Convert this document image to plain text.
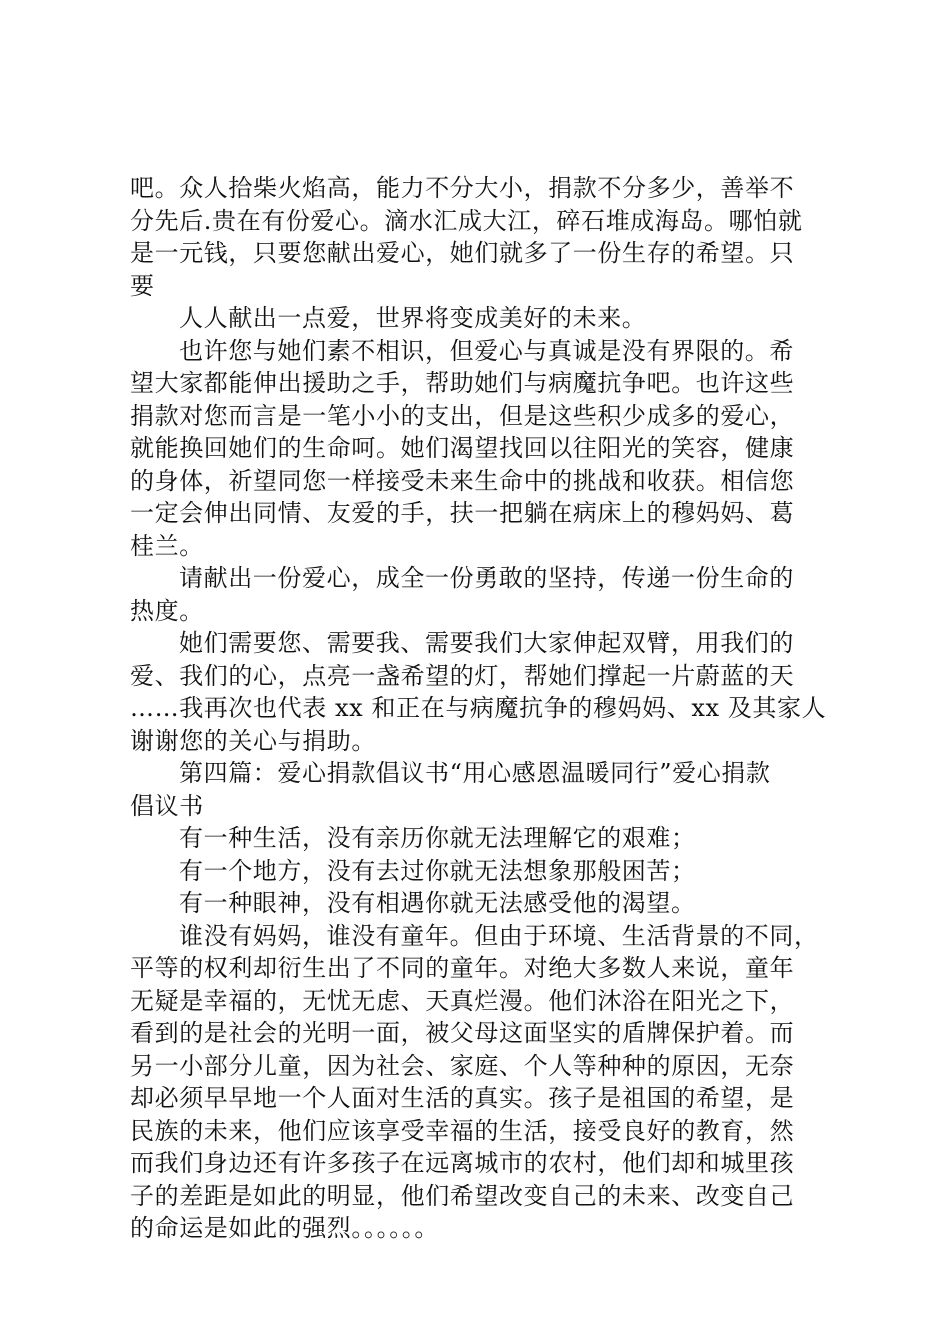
吧。众人拾柴火焰高，能力不分大小，捐款不分多少，善举不
分先后.贵在有份爱心。滴水汇成大江，碎石堆成海岛。哪怕就
是一元钱，只要您献出爱心，她们就多了一份生存的希望。只
要
人人献出一点爱，世界将变成美好的未来。
也许您与她们素不相识，但爱心与真诚是没有界限的。希
望大家都能伸出援助之手，帮助她们与病魔抗争吧。也许这些
捐款对您而言是一笔小小的支出，但是这些积少成多的爱心，
就能换回她们的生命呵。她们渴望找回以往阳光的笑容，健康
的身体，祈望同您一样接受未来生命中的挑战和收获。相信您
一定会伸出同情、友爱的手，扶一把躺在病床上的穆妈妈、葛
桂兰。
请献出一份爱心，成全一份勇敢的坚持，传递一份生命的
热度。
她们需要您、需要我、需要我们大家伸起双臂，用我们的
爱、我们的心，点亮一盏希望的灯，帮她们撑起一片蔚蓝的天
……我再次也代表 xx 和正在与病魔抗争的穆妈妈、xx 及其家人
谢谢您的关心与捐助。
第四篇：爱心捐款倡议书“用心感恩温暖同行”爱心捐款
倡议书
有一种生活，没有亲历你就无法理解它的艰难；
有一个地方，没有去过你就无法想象那般困苦；
有一种眼神，没有相遇你就无法感受他的渴望。
谁没有妈妈，谁没有童年。但由于环境、生活背景的不同，
平等的权利却衍生出了不同的童年。对绝大多数人来说，童年
无疑是幸福的，无忧无虑、天真烂漫。他们沐浴在阳光之下，
看到的是社会的光明一面，被父母这面坚实的盾牌保护着。而
另一小部分儿童，因为社会、家庭、个人等种种的原因，无奈
却必须早早地一个人面对生活的真实。孩子是祖国的希望，是
民族的未来，他们应该享受幸福的生活，接受良好的教育，然
而我们身边还有许多孩子在远离城市的农村，他们却和城里孩
子的差距是如此的明显，他们希望改变自己的未来、改变自己
的命运是如此的强烈。。。。。。
